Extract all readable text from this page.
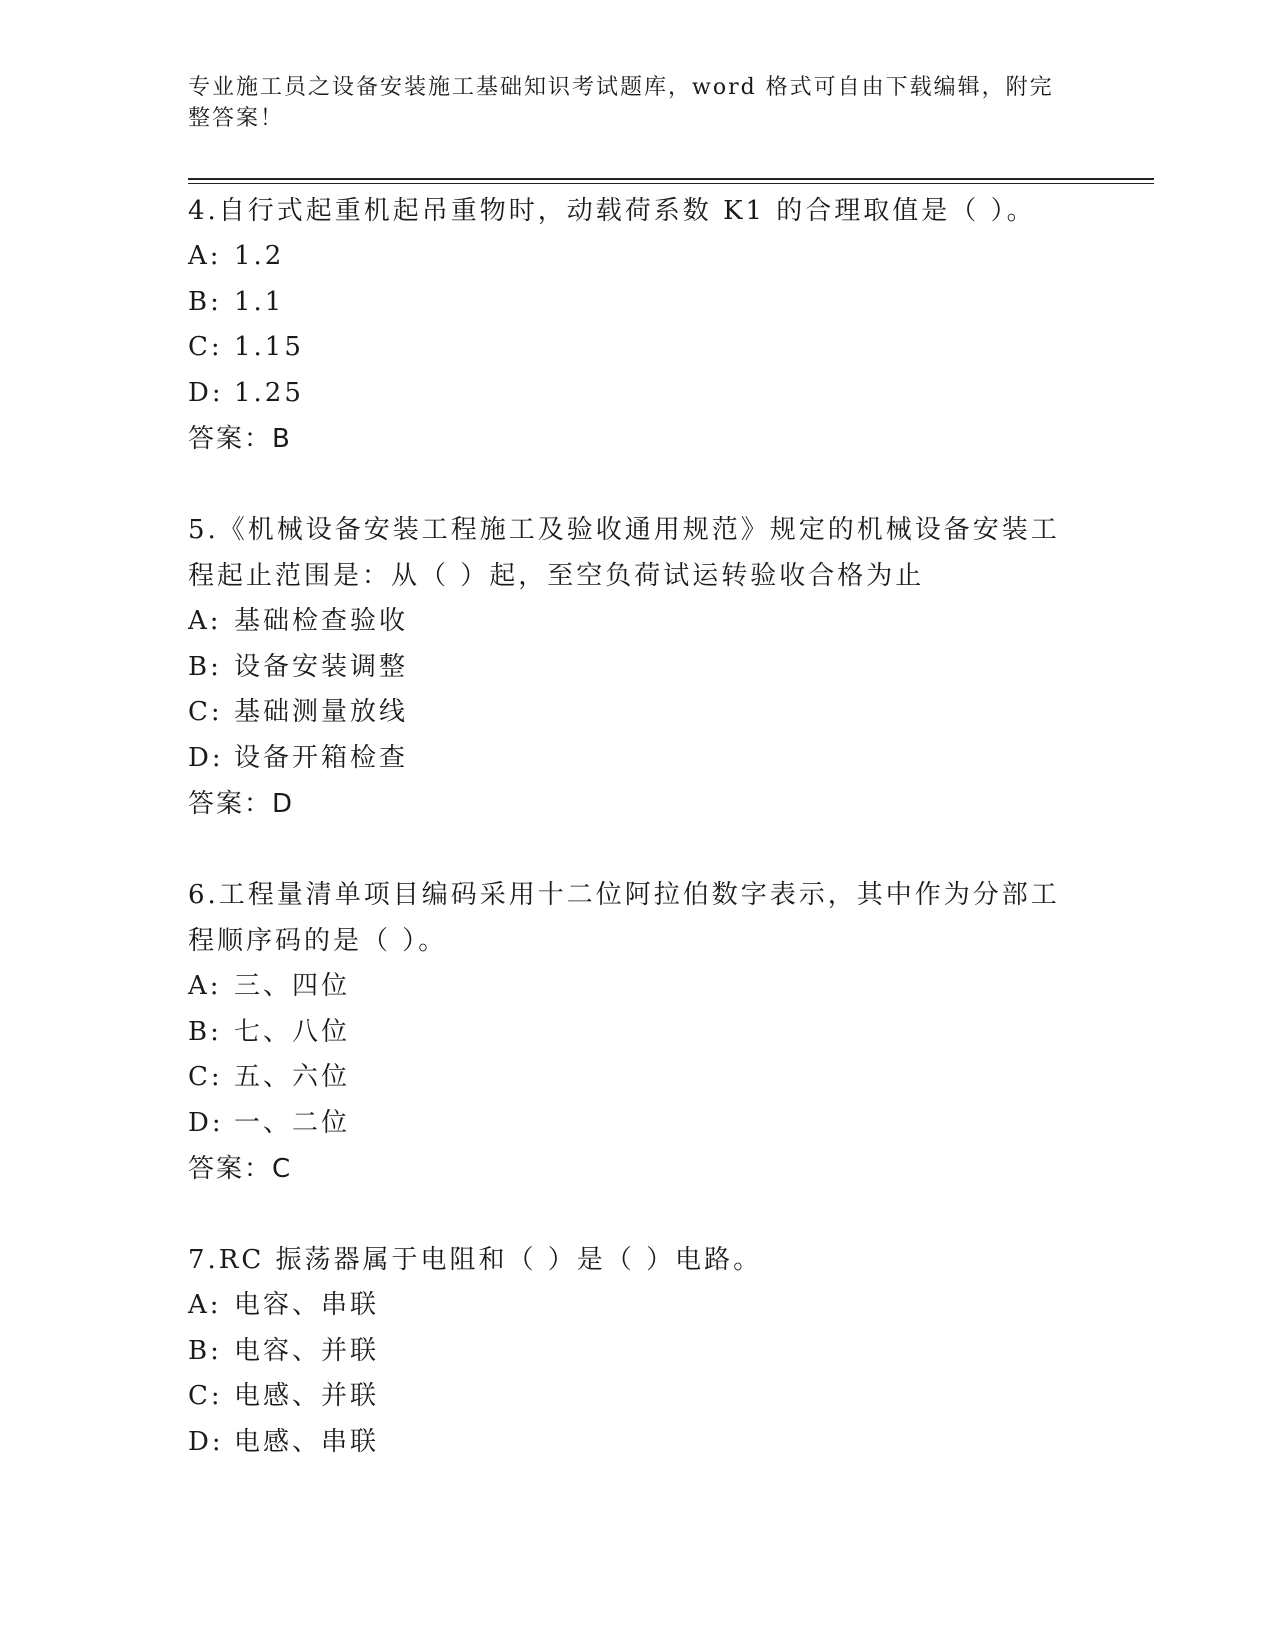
专业施工员之设备安装施工基础知识考试题库，word 格式可自由下载编辑，附完整答案！

4.自行式起重机起吊重物时，动载荷系数 K1 的合理取值是（ ）。

A: 1.2

B: 1.1

C: 1.15

D: 1.25

答案：B

5.《机械设备安装工程施工及验收通用规范》规定的机械设备安装工程起止范围是：从（ ）起，至空负荷试运转验收合格为止

A: 基础检查验收

B: 设备安装调整

C: 基础测量放线

D: 设备开箱检查

答案：D

6.工程量清单项目编码采用十二位阿拉伯数字表示，其中作为分部工程顺序码的是（ ）。

A: 三、四位

B: 七、八位

C: 五、六位

D: 一、二位

答案：C

7.RC 振荡器属于电阻和（ ）是（ ）电路。

A: 电容、串联

B: 电容、并联

C: 电感、并联

D: 电感、串联
